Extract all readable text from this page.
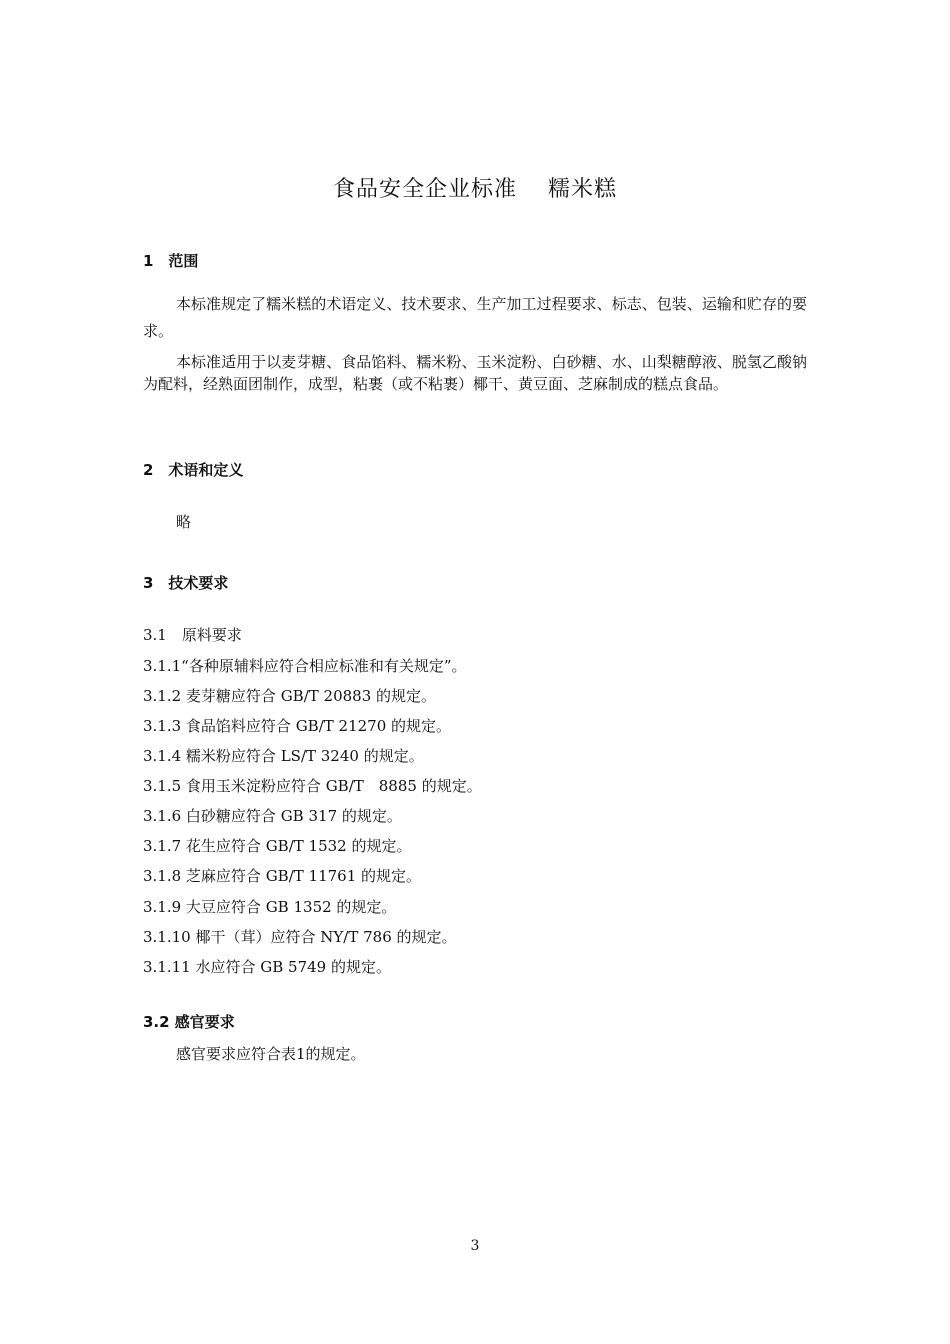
食品安全企业标准　 糯米糕
1　范围
本标准规定了糯米糕的术语定义、技术要求、生产加工过程要求、标志、包装、运输和贮存的要求。
本标准适用于以麦芽糖、食品馅料、糯米粉、玉米淀粉、白砂糖、水、山梨糖醇液、脱氢乙酸钠为配料，经熟面团制作，成型，粘裹（或不粘裹）椰干、黄豆面、芝麻制成的糕点食品。
2　术语和定义
略
3　技术要求
3.1　原料要求
3.1.1“各种原辅料应符合相应标准和有关规定”。
3.1.2 麦芽糖应符合 GB/T 20883 的规定。
3.1.3 食品馅料应符合 GB/T 21270 的规定。
3.1.4 糯米粉应符合 LS/T 3240 的规定。
3.1.5 食用玉米淀粉应符合 GB/T　8885 的规定。
3.1.6 白砂糖应符合 GB 317 的规定。
3.1.7 花生应符合 GB/T 1532 的规定。
3.1.8 芝麻应符合 GB/T 11761 的规定。
3.1.9 大豆应符合 GB 1352 的规定。
3.1.10 椰干（茸）应符合 NY/T 786 的规定。
3.1.11 水应符合 GB 5749 的规定。
3.2 感官要求
感官要求应符合表1的规定。
3
